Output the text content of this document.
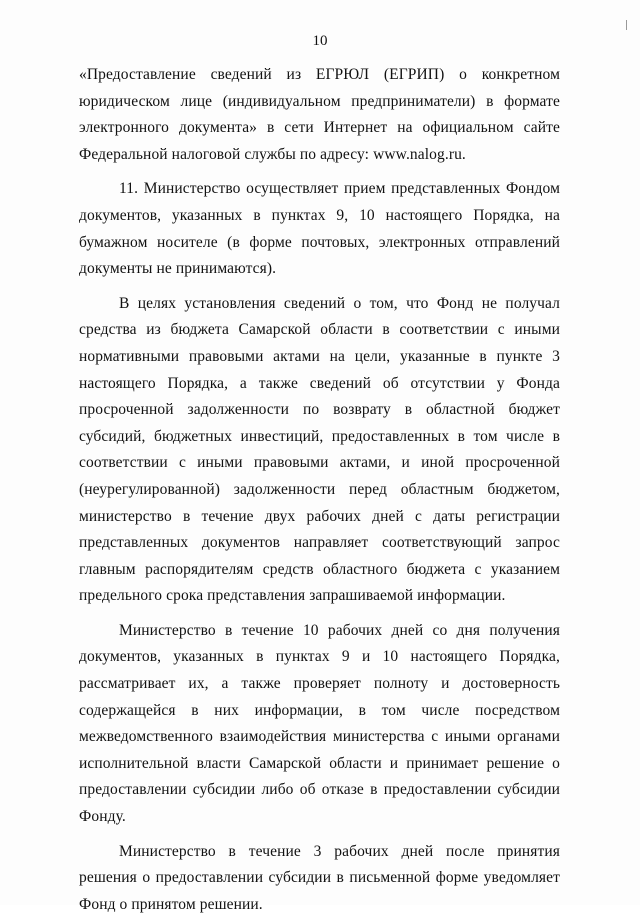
10

«Предоставление сведений из ЕГРЮЛ (ЕГРИП) о конкретном юридическом лице (индивидуальном предприниматели) в формате электронного документа» в сети Интернет на официальном сайте Федеральной налоговой службы по адресу: www.nalog.ru.

11. Министерство осуществляет прием представленных Фондом документов, указанных в пунктах 9, 10 настоящего Порядка, на бумажном носителе (в форме почтовых, электронных отправлений документы не принимаются).

В целях установления сведений о том, что Фонд не получал средства из бюджета Самарской области в соответствии с иными нормативными правовыми актами на цели, указанные в пункте 3 настоящего Порядка, а также сведений об отсутствии у Фонда просроченной задолженности по возврату в областной бюджет субсидий, бюджетных инвестиций, предоставленных в том числе в соответствии с иными правовыми актами, и иной просроченной (неурегулированной) задолженности перед областным бюджетом, министерство в течение двух рабочих дней с даты регистрации представленных документов направляет соответствующий запрос главным распорядителям средств областного бюджета с указанием предельного срока представления запрашиваемой информации.

Министерство в течение 10 рабочих дней со дня получения документов, указанных в пунктах 9 и 10 настоящего Порядка, рассматривает их, а также проверяет полноту и достоверность содержащейся в них информации, в том числе посредством межведомственного взаимодействия министерства с иными органами исполнительной власти Самарской области и принимает решение о предоставлении субсидии либо об отказе в предоставлении субсидии Фонду.

Министерство в течение 3 рабочих дней после принятия решения о предоставлении субсидии в письменной форме уведомляет Фонд о принятом решении.
